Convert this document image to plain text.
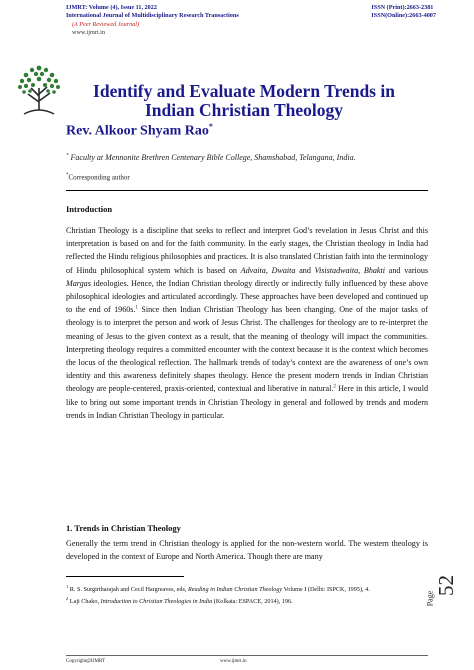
IJMRT: Volume (4), Issue 11, 2022
International Journal of Multidisciplinary Research Transactions
(A Peer Reviewed Journal)
www.ijmrt.in
ISSN (Print):2663-2381
ISSN(Online):2663-4007
Identify and Evaluate Modern Trends in Indian Christian Theology
Rev. Alkoor Shyam Rao*
* Faculty at Mennonite Brethren Centenary Bible College, Shamshabad, Telangana, India.
*Corresponding author
Introduction

Christian Theology is a discipline that seeks to reflect and interpret God’s revelation in Jesus Christ and this interpretation is based on and for the faith community. In the early stages, the Christian theology in India had reflected the Hindu religious philosophies and practices. It is also translated Christian faith into the terminology of Hindu philosophical system which is based on Advaita, Dwaita and Visistadwaita, Bhakti and various Margas ideologies. Hence, the Indian Christian theology directly or indirectly fully influenced by these above philosophical ideologies and articulated accordingly. These approaches have been developed and continued up to the end of 1960s.$^1$ Since then Indian Christian Theology has been changing. One of the major tasks of theology is to interpret the person and work of Jesus Christ. The challenges for theology are to re-interpret the meaning of Jesus to the given context as a result, that the meaning of theology will impact the communities. Interpreting theology requires a committed encounter with the context because it is the context which becomes the locus of the theological reflection. The hallmark trends of today’s context are the awareness of one’s own identity and this awareness definitely shapes theology. Hence the present modern trends in Indian Christian theology are people-centered, praxis-oriented, contextual and liberative in natural.$^2$ Here in this article, I would like to bring out some important trends in Christian Theology in general and followed by trends and modern trends in Indian Christian Theology in particular.

1. Trends in Christian Theology
Generally the term trend in Christian theology is applied for the non-western world. The western theology is developed in the context of Europe and North America. Though there are many

$^1$ R. S. Surgirtharajah and Cecil Hargreaves, eds, Reading in Indian Christian Theology Volume I (Delhi: ISPCK, 1995), 4.

$^2$ Laji Chako, Introduction to Christian Theologies in India (Kolkata: ESPACE, 2014), 196.	Page
52
Copyright@IJMRT	www.ijmrt.in
